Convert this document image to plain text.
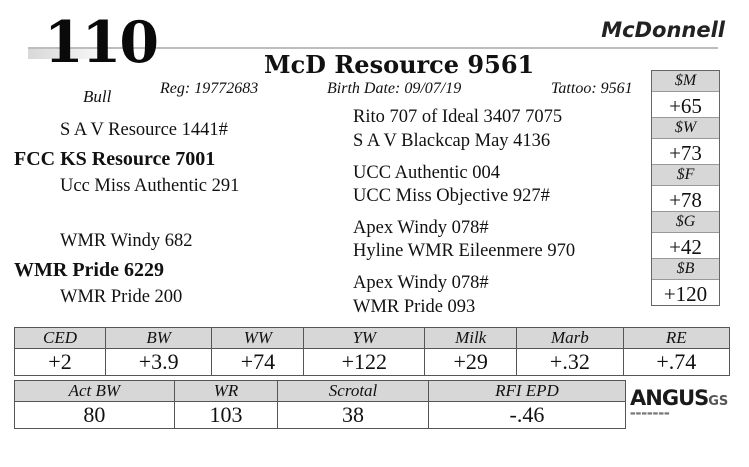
McDonnell
110
Bull
McD Resource 9561
Reg: 19772683	Birth Date: 09/07/19	Tattoo: 9561
S A V Resource 1441#
FCC KS Resource 7001
Ucc Miss Authentic 291
WMR Windy 682
WMR Pride 6229
WMR Pride 200
Rito 707 of Ideal 3407 7075
S A V Blackcap May 4136
UCC Authentic 004
UCC Miss Objective 927#
Apex Windy 078#
Hyline WMR Eileenmere 970
Apex Windy 078#
WMR Pride 093
$M
+65
$W
+73
$F
+78
$G
+42
$B
+120
CED	BW	WW	YW	Milk	Marb	RE
+2	+3.9	+74	+122	+29	+.32	+.74
Act BW	WR	Scrotal	RFI EPD
80	103	38	-.46
ANGUSGS
▬▬▬▬▬▬▬
